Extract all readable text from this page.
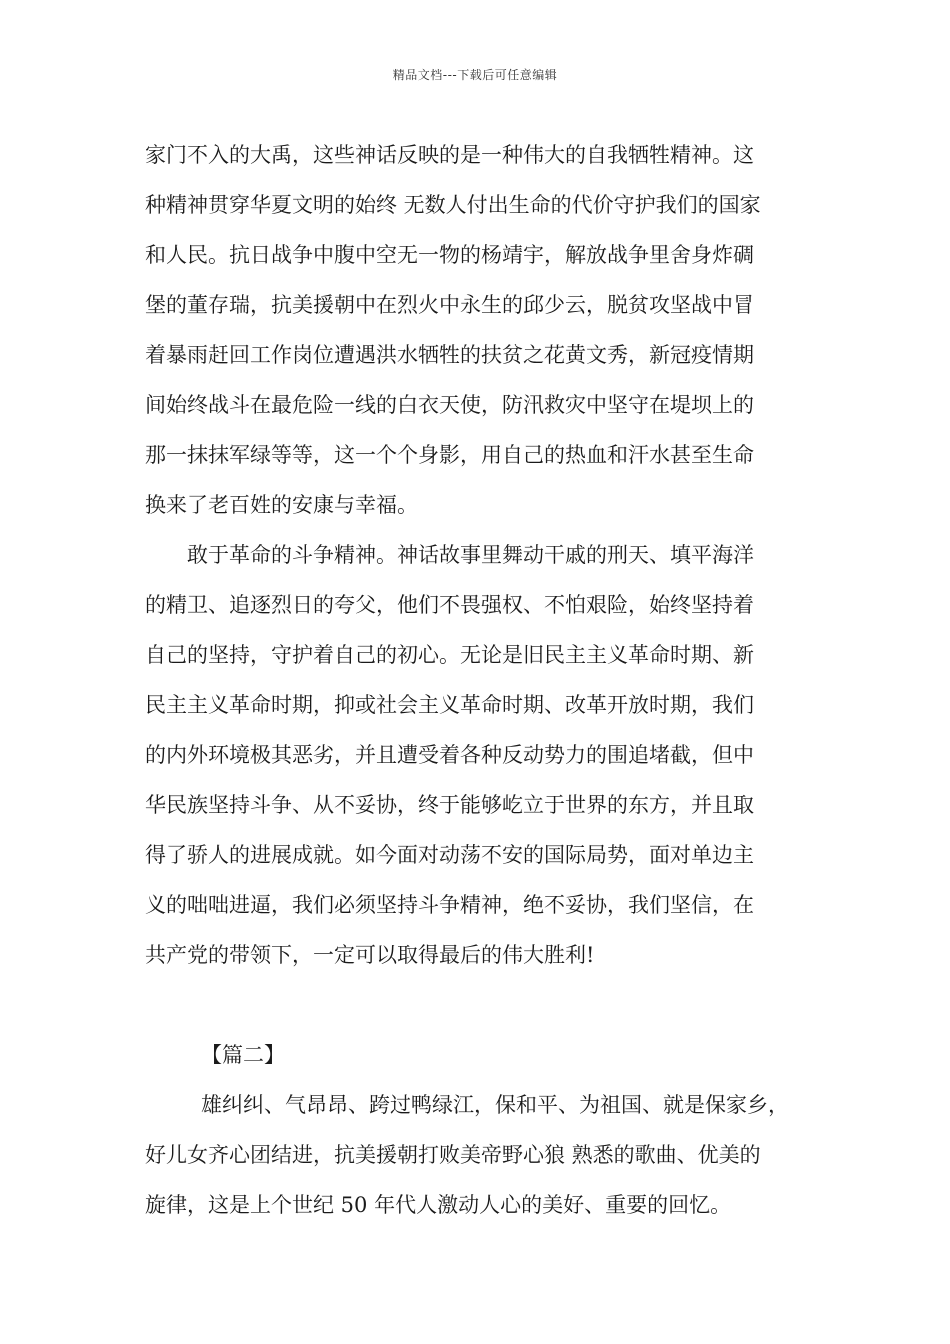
精品文档---下载后可任意编辑
家门不入的大禹，这些神话反映的是一种伟大的自我牺牲精神。这
种精神贯穿华夏文明的始终 无数人付出生命的代价守护我们的国家
和人民。抗日战争中腹中空无一物的杨靖宇，解放战争里舍身炸碉
堡的董存瑞，抗美援朝中在烈火中永生的邱少云，脱贫攻坚战中冒
着暴雨赶回工作岗位遭遇洪水牺牲的扶贫之花黄文秀，新冠疫情期
间始终战斗在最危险一线的白衣天使，防汛救灾中坚守在堤坝上的
那一抹抹军绿等等，这一个个身影，用自己的热血和汗水甚至生命
换来了老百姓的安康与幸福。
敢于革命的斗争精神。神话故事里舞动干戚的刑天、填平海洋
的精卫、追逐烈日的夸父，他们不畏强权、不怕艰险，始终坚持着
自己的坚持，守护着自己的初心。无论是旧民主主义革命时期、新
民主主义革命时期，抑或社会主义革命时期、改革开放时期，我们
的内外环境极其恶劣，并且遭受着各种反动势力的围追堵截，但中
华民族坚持斗争、从不妥协，终于能够屹立于世界的东方，并且取
得了骄人的进展成就。如今面对动荡不安的国际局势，面对单边主
义的咄咄进逼，我们必须坚持斗争精神，绝不妥协，我们坚信，在
共产党的带领下，一定可以取得最后的伟大胜利!
【篇二】
雄纠纠、气昂昂、跨过鸭绿江，保和平、为祖国、就是保家乡，
好儿女齐心团结进，抗美援朝打败美帝野心狼 熟悉的歌曲、优美的
旋律，这是上个世纪 50 年代人激动人心的美好、重要的回忆。
